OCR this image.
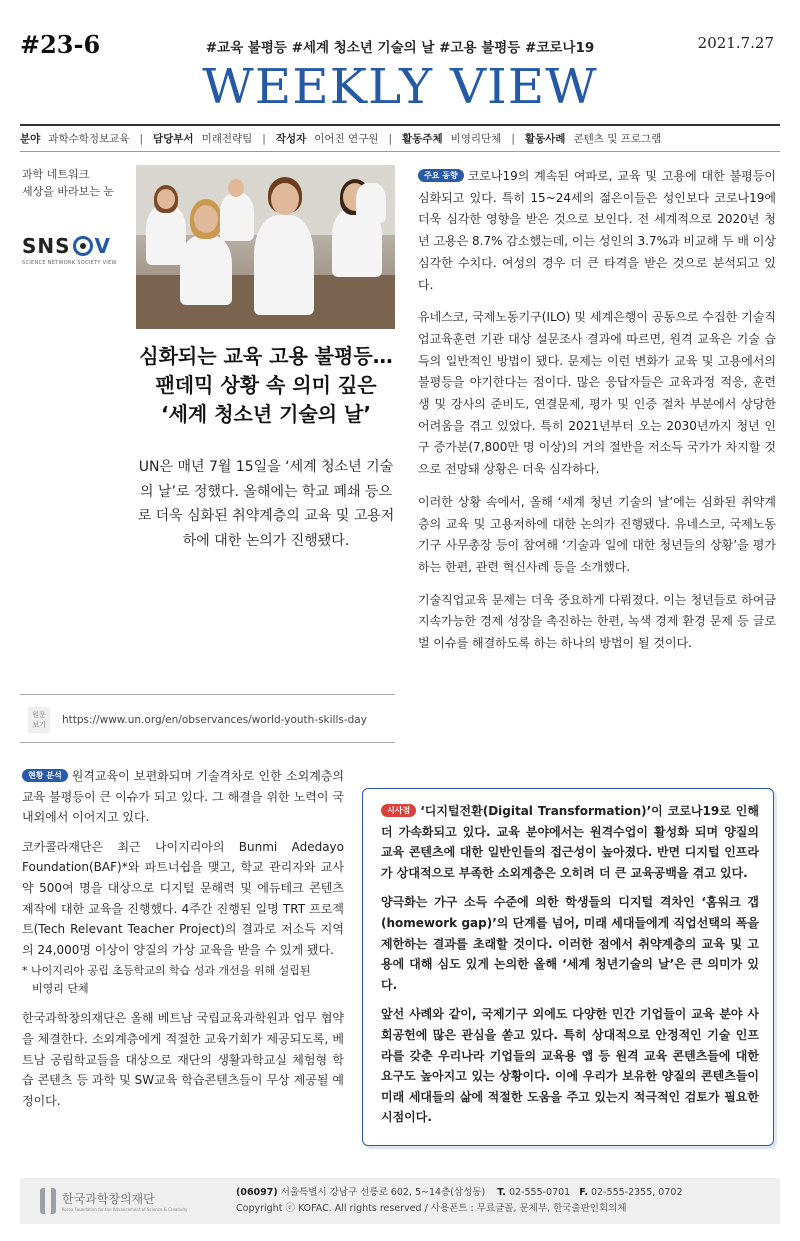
#23-6	#교육 불평등 #세계 청소년 기술의 날 #고용 불평등 #코로나19	2021.7.27
WEEKLY VIEW
분야 과학수학정보교육 | 담당부서 미래전략팀 | 작성자 이어진 연구원 | 활동주체 비영리단체 | 활동사례 콘텐츠 및 프로그램
과학 네트워크
세상을 바라보는 눈
SNS V
SCIENCE NETWORK SOCIETY VIEW
심화되는 교육 고용 불평등…
팬데믹 상황 속 의미 깊은
‘세계 청소년 기술의 날’
UN은 매년 7월 15일을 ‘세계 청소년 기술의 날’로 정했다. 올해에는 학교 폐쇄 등으로 더욱 심화된 취약계층의 교육 및 고용저하에 대한 논의가 진행됐다.

주요 동향 코로나19의 계속된 여파로, 교육 및 고용에 대한 불평등이 심화되고 있다. 특히 15~24세의 젊은이들은 성인보다 코로나19에 더욱 심각한 영향을 받은 것으로 보인다. 전 세계적으로 2020년 청년 고용은 8.7% 감소했는데, 이는 성인의 3.7%과 비교해 두 배 이상 심각한 수치다. 여성의 경우 더 큰 타격을 받은 것으로 분석되고 있다.

유네스코, 국제노동기구(ILO) 및 세계은행이 공동으로 수집한 기술직업교육훈련 기관 대상 설문조사 결과에 따르면, 원격 교육은 기술 습득의 일반적인 방법이 됐다. 문제는 이런 변화가 교육 및 고용에서의 불평등을 야기한다는 점이다. 많은 응답자들은 교육과정 적응, 훈련생 및 강사의 준비도, 연결문제, 평가 및 인증 절차 부분에서 상당한 어려움을 겪고 있었다. 특히 2021년부터 오는 2030년까지 청년 인구 증가분(7,800만 명 이상)의 거의 절반을 저소득 국가가 차지할 것으로 전망돼 상황은 더욱 심각하다.

이러한 상황 속에서, 올해 ‘세계 청년 기술의 날’에는 심화된 취약계층의 교육 및 고용저하에 대한 논의가 진행됐다. 유네스코, 국제노동기구 사무총장 등이 참여해 ‘기술과 일에 대한 청년들의 상황’을 평가하는 한편, 관련 혁신사례 등을 소개했다.

기술직업교육 문제는 더욱 중요하게 다뤄졌다. 이는 청년들로 하여금 지속가능한 경제 성장을 촉진하는 한편, 녹색 경제 환경 문제 등 글로벌 이슈를 해결하도록 하는 하나의 방법이 될 것이다.

원문
보기	https://www.un.org/en/observances/world-youth-skills-day

현황 분석 원격교육이 보편화되며 기술격차로 인한 소외계층의 교육 불평등이 큰 이슈가 되고 있다. 그 해결을 위한 노력이 국내외에서 이어지고 있다.

코카콜라재단은 최근 나이지리아의 Bunmi Adedayo Foundation(BAF)*와 파트너쉽을 맺고, 학교 관리자와 교사 약 500여 명을 대상으로 디지털 문해력 및 에듀테크 콘텐츠 제작에 대한 교육을 진행했다. 4주간 진행된 일명 TRT 프로젝트(Tech Relevant Teacher Project)의 결과로 저소득 지역의 24,000명 이상이 양질의 가상 교육을 받을 수 있게 됐다.

* 나이지리아 공립 초등학교의 학습 성과 개선을 위해 설립된
비영리 단체

한국과학창의재단은 올해 베트남 국립교육과학원과 업무 협약을 체결한다. 소외계층에게 적절한 교육기회가 제공되도록, 베트남 공립학교들을 대상으로 재단의 생활과학교실 체험형 학습 콘텐츠 등 과학 및 SW교육 학습콘텐츠들이 무상 제공될 예정이다.

시사점 ‘디지털전환(Digital Transformation)’이 코로나19로 인해 더 가속화되고 있다. 교육 분야에서는 원격수업이 활성화 되며 양질의 교육 콘텐츠에 대한 일반인들의 접근성이 높아졌다. 반면 디지털 인프라가 상대적으로 부족한 소외계층은 오히려 더 큰 교육공백을 겪고 있다.

양극화는 가구 소득 수준에 의한 학생들의 디지털 격차인 ‘홈워크 갭(homework gap)’의 단계를 넘어, 미래 세대들에게 직업선택의 폭을 제한하는 결과를 초래할 것이다. 이러한 점에서 취약계층의 교육 및 고용에 대해 심도 있게 논의한 올해 ‘세계 청년기술의 날’은 큰 의미가 있다.

앞선 사례와 같이, 국제기구 외에도 다양한 민간 기업들이 교육 분야 사회공헌에 많은 관심을 쏟고 있다. 특히 상대적으로 안정적인 기술 인프라를 갖춘 우리나라 기업들의 교육용 앱 등 원격 교육 콘텐츠들에 대한 요구도 높아지고 있는 상황이다. 이에 우리가 보유한 양질의 콘텐츠들이 미래 세대들의 삶에 적절한 도움을 주고 있는지 적극적인 검토가 필요한 시점이다.

한국과학창의재단
Korea Foundation for the Advancement of Science & Creativity
(06097) 서울특별시 강남구 선릉로 602, 5~14층(삼성동) T. 02-555-0701 F. 02-555-2355, 0702
Copyright ⓒ KOFAC. All rights reserved / 사용폰트 : 무료글꼴, 문체부, 한국출판인회의체
